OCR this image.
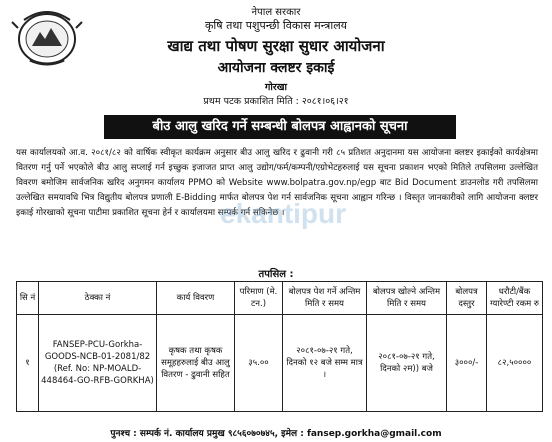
नेपाल सरकार
कृषि तथा पशुपन्छी विकास मन्त्रालय
खाद्य तथा पोषण सुरक्षा सुधार आयोजना
आयोजना क्लष्टर इकाई
गोरखा
प्रथम पटक प्रकाशित मिति : २०८१।०६।२१
बीउ आलु खरिद गर्ने सम्बन्धी बोलपत्र आह्वानको सूचना
यस कार्यालयको आ.व. २०८१/८२ को वार्षिक स्वीकृत कार्यक्रम अनुसार बीउ आलु खरिद र ढुवानी गरी ८५ प्रतिशत अनुदानमा यस आयोजना क्लष्टर इकाईको कार्यक्षेत्रमा वितरण गर्नु पर्ने भएकोले बीउ आलु सप्लाई गर्न इच्छुक इजाजत प्राप्त आलु उद्योग/फर्म/कम्पनी/एग्रोभेटहरुलाई यस सूचना प्रकाशन भएको मितिले तपसिलमा उल्लेखित विवरण बमोजिम सार्वजनिक खरिद अनुगमन कार्यालय PPMO को Website www.bolpatra.gov.np/egp बाट Bid Document डाउनलोड गरी तपसिलमा उल्लेखित समयावधि भित्र विद्युतीय बोलपत्र प्रणाली E-Bidding मार्फत बोलपत्र पेश गर्न सार्वजनिक सूचना आह्वान गरिन्छ । विस्तृत जानकारीको लागि आयोजना क्लष्टर इकाई गोरखाको सूचना पाटीमा प्रकाशित सूचना हेर्न र कार्यालयमा सम्पर्क गर्न सकिनेछ ।
ekantipur
तपसिल :
सि नं	ठेक्का नं	कार्य विवरण	परिमाण (मे. टन.)	बोलपत्र पेश गर्ने अन्तिम मिति र समय	बोलपत्र खोल्ने अन्तिम मिति र समय	बोलपत्र दस्तुर	धरौटी/बैंक ग्यारेण्टी रकम रु
१	FANSEP-PCU-Gorkha-GOODS-NCB-01-2081/82 (Ref. No: NP-MOALD-448464-GO-RFB-GORKHA)	कृषक तथा कृषक समूहहरुलाई बीउ आलु वितरण - ढुवानी सहित	३५.००	२०८१-०७-२१ गते, दिनको १२ बजे सम्म मात्र ।	२०८१-०७-२१ गते, दिनको २म)) बजे	३०००/-	८२,५००००
पुनश्च : सम्पर्क नं. कार्यालय प्रमुख ९८५६०७०७४५, इमेल : fansep.gorkha@gmail.com
